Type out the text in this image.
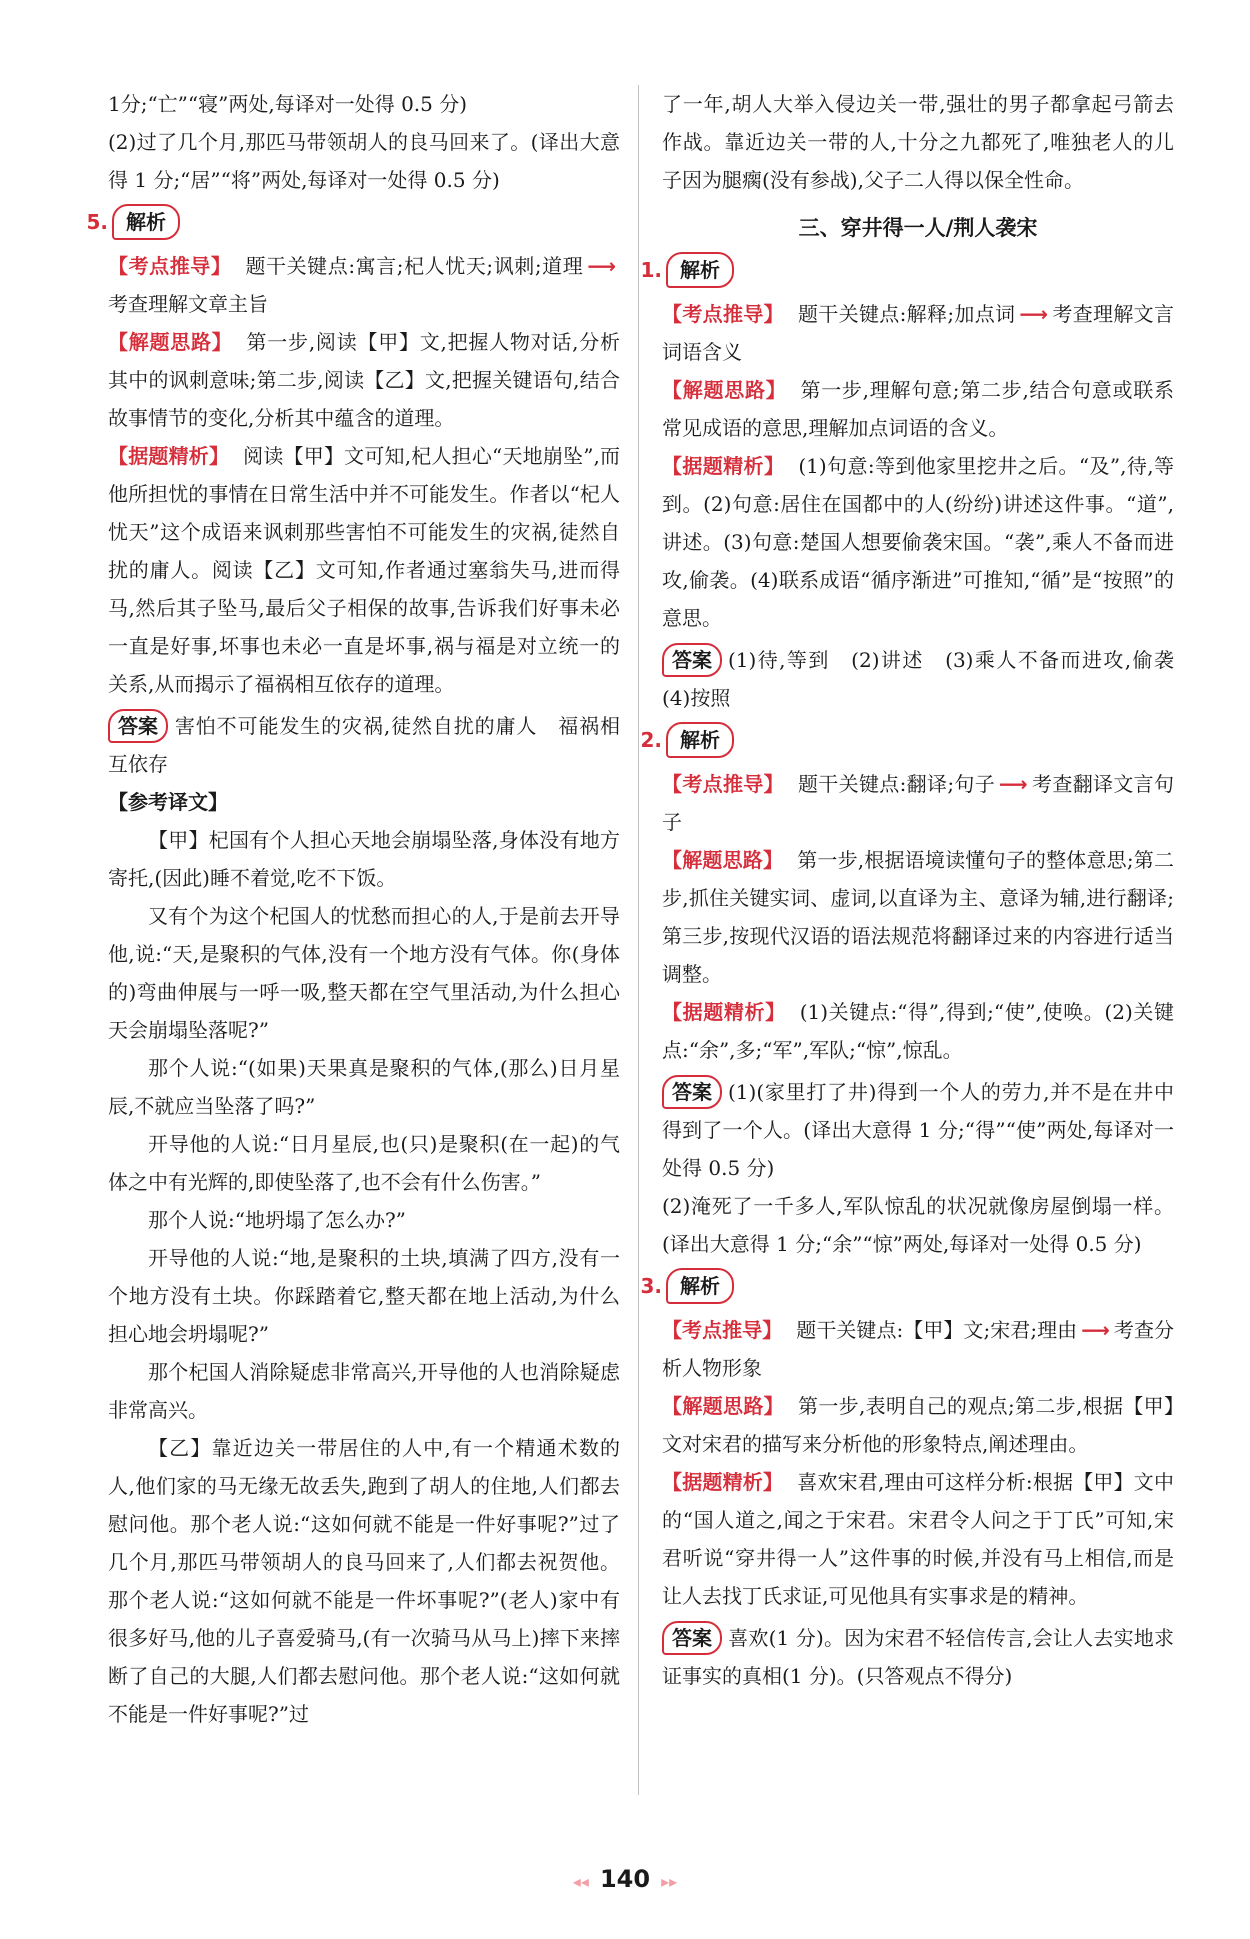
1分;“亡”“寝”两处,每译对一处得 0.5 分)

(2)过了几个月,那匹马带领胡人的良马回来了。(译出大意得 1 分;“居”“将”两处,每译对一处得 0.5 分)

5. 解析

【考点推导】 题干关键点:寓言;杞人忧天;讽刺;道理 ⟶考查理解文章主旨

【解题思路】 第一步,阅读【甲】文,把握人物对话,分析其中的讽刺意味;第二步,阅读【乙】文,把握关键语句,结合故事情节的变化,分析其中蕴含的道理。

【据题精析】 阅读【甲】文可知,杞人担心“天地崩坠”,而他所担忧的事情在日常生活中并不可能发生。作者以“杞人忧天”这个成语来讽刺那些害怕不可能发生的灾祸,徒然自扰的庸人。阅读【乙】文可知,作者通过塞翁失马,进而得马,然后其子坠马,最后父子相保的故事,告诉我们好事未必一直是好事,坏事也未必一直是坏事,祸与福是对立统一的关系,从而揭示了福祸相互依存的道理。

答案 害怕不可能发生的灾祸,徒然自扰的庸人　福祸相互依存

【参考译文】

【甲】杞国有个人担心天地会崩塌坠落,身体没有地方寄托,(因此)睡不着觉,吃不下饭。

又有个为这个杞国人的忧愁而担心的人,于是前去开导他,说:“天,是聚积的气体,没有一个地方没有气体。你(身体的)弯曲伸展与一呼一吸,整天都在空气里活动,为什么担心天会崩塌坠落呢?”

那个人说:“(如果)天果真是聚积的气体,(那么)日月星辰,不就应当坠落了吗?”

开导他的人说:“日月星辰,也(只)是聚积(在一起)的气体之中有光辉的,即使坠落了,也不会有什么伤害。”

那个人说:“地坍塌了怎么办?”

开导他的人说:“地,是聚积的土块,填满了四方,没有一个地方没有土块。你踩踏着它,整天都在地上活动,为什么担心地会坍塌呢?”

那个杞国人消除疑虑非常高兴,开导他的人也消除疑虑非常高兴。

【乙】靠近边关一带居住的人中,有一个精通术数的人,他们家的马无缘无故丢失,跑到了胡人的住地,人们都去慰问他。那个老人说:“这如何就不能是一件好事呢?”过了几个月,那匹马带领胡人的良马回来了,人们都去祝贺他。那个老人说:“这如何就不能是一件坏事呢?”(老人)家中有很多好马,他的儿子喜爱骑马,(有一次骑马从马上)摔下来摔断了自己的大腿,人们都去慰问他。那个老人说:“这如何就不能是一件好事呢?”过

了一年,胡人大举入侵边关一带,强壮的男子都拿起弓箭去作战。靠近边关一带的人,十分之九都死了,唯独老人的儿子因为腿瘸(没有参战),父子二人得以保全性命。

三、穿井得一人/荆人袭宋

1. 解析

【考点推导】 题干关键点:解释;加点词 ⟶ 考查理解文言词语含义

【解题思路】 第一步,理解句意;第二步,结合句意或联系常见成语的意思,理解加点词语的含义。

【据题精析】 (1)句意:等到他家里挖井之后。“及”,待,等到。(2)句意:居住在国都中的人(纷纷)讲述这件事。“道”,讲述。(3)句意:楚国人想要偷袭宋国。“袭”,乘人不备而进攻,偷袭。(4)联系成语“循序渐进”可推知,“循”是“按照”的意思。

答案 (1)待,等到　(2)讲述　(3)乘人不备而进攻,偷袭　(4)按照

2. 解析

【考点推导】 题干关键点:翻译;句子 ⟶ 考查翻译文言句子

【解题思路】 第一步,根据语境读懂句子的整体意思;第二步,抓住关键实词、虚词,以直译为主、意译为辅,进行翻译;第三步,按现代汉语的语法规范将翻译过来的内容进行适当调整。

【据题精析】 (1)关键点:“得”,得到;“使”,使唤。(2)关键点:“余”,多;“军”,军队;“惊”,惊乱。

答案 (1)(家里打了井)得到一个人的劳力,并不是在井中得到了一个人。(译出大意得 1 分;“得”“使”两处,每译对一处得 0.5 分)

(2)淹死了一千多人,军队惊乱的状况就像房屋倒塌一样。(译出大意得 1 分;“余”“惊”两处,每译对一处得 0.5 分)

3. 解析

【考点推导】 题干关键点:【甲】文;宋君;理由 ⟶ 考查分析人物形象

【解题思路】 第一步,表明自己的观点;第二步,根据【甲】文对宋君的描写来分析他的形象特点,阐述理由。

【据题精析】 喜欢宋君,理由可这样分析:根据【甲】文中的“国人道之,闻之于宋君。宋君令人问之于丁氏”可知,宋君听说“穿井得一人”这件事的时候,并没有马上相信,而是让人去找丁氏求证,可见他具有实事求是的精神。

答案 喜欢(1 分)。因为宋君不轻信传言,会让人去实地求证事实的真相(1 分)。(只答观点不得分)

◂◂ 140 ▸▸
